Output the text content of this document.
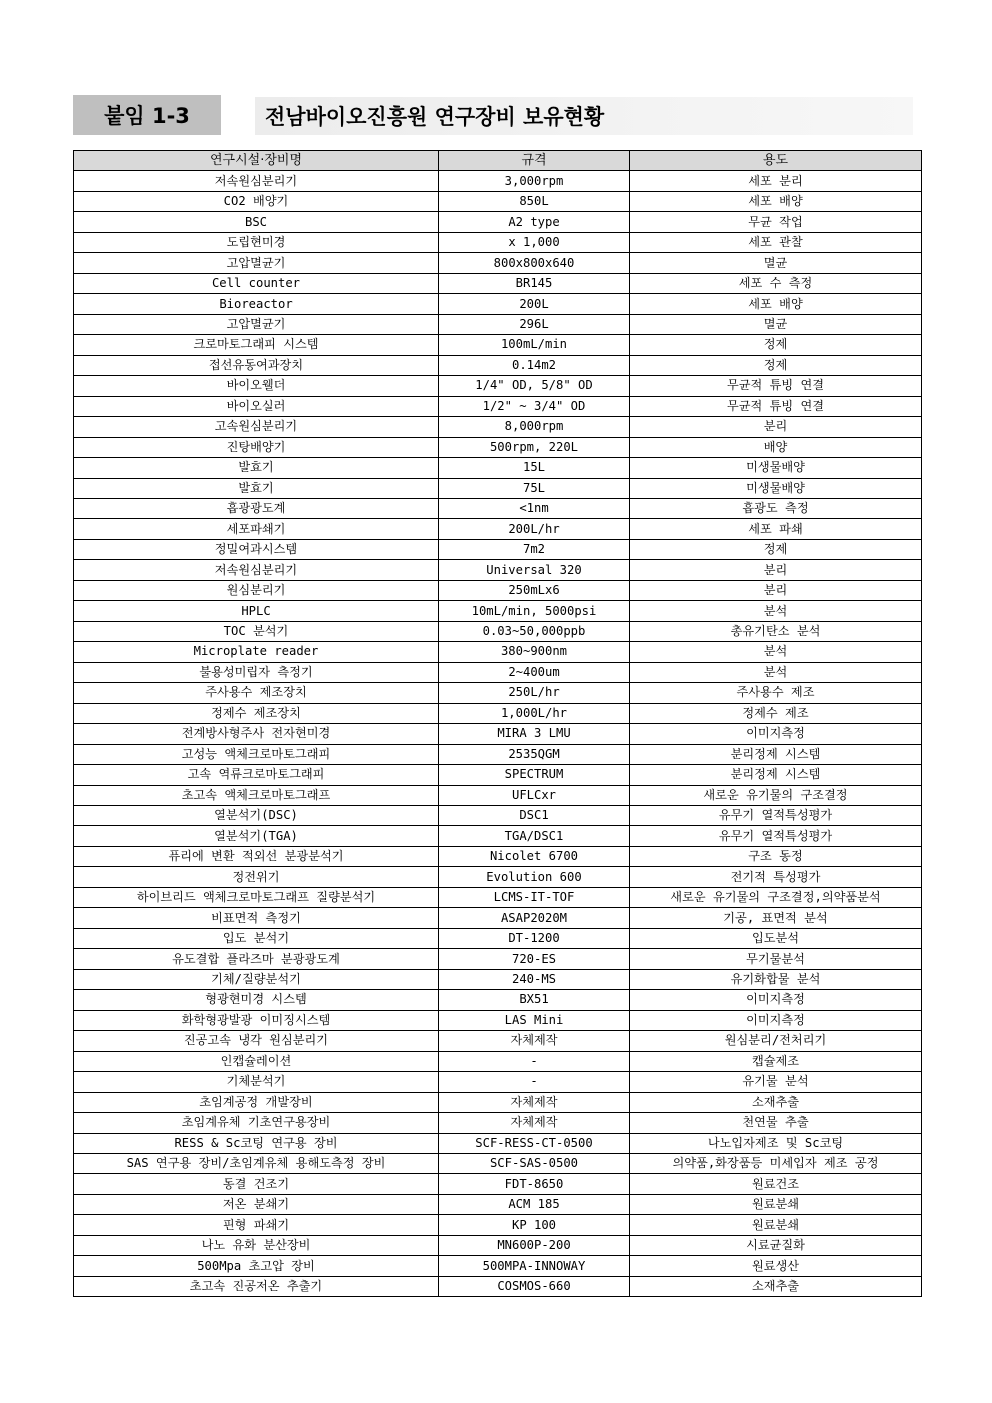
붙임 1-3	전남바이오진흥원 연구장비 보유현황
연구시설·장비명	규격	용도
저속원심분리기	3,000rpm	세포 분리
CO2 배양기	850L	세포 배양
BSC	A2 type	무균 작업
도립현미경	x 1,000	세포 관찰
고압멸균기	800x800x640	멸균
Cell counter	BR145	세포 수 측정
Bioreactor	200L	세포 배양
고압멸균기	296L	멸균
크로마토그래피 시스템	100mL/min	정제
접선유동여과장치	0.14m2	정제
바이오웰더	1/4" OD, 5/8" OD	무균적 튜빙 연결
바이오실러	1/2" ~ 3/4" OD	무균적 튜빙 연결
고속원심분리기	8,000rpm	분리
진탕배양기	500rpm, 220L	배양
발효기	15L	미생물배양
발효기	75L	미생물배양
흡광광도계	<1nm	흡광도 측정
세포파쇄기	200L/hr	세포 파쇄
정밀여과시스템	7m2	정제
저속원심분리기	Universal 320	분리
원심분리기	250mLx6	분리
HPLC	10mL/min, 5000psi	분석
TOC 분석기	0.03~50,000ppb	총유기탄소 분석
Microplate reader	380~900nm	분석
불용성미립자 측정기	2~400um	분석
주사용수 제조장치	250L/hr	주사용수 제조
정제수 제조장치	1,000L/hr	정제수 제조
전계방사형주사 전자현미경	MIRA 3 LMU	이미지측정
고성능 액체크로마토그래피	2535QGM	분리정제 시스템
고속 역류크로마토그래피	SPECTRUM	분리정제 시스템
초고속 액체크로마토그래프	UFLCxr	새로운 유기물의 구조결정
열분석기(DSC)	DSC1	유무기 열적특성평가
열분석기(TGA)	TGA/DSC1	유무기 열적특성평가
퓨리에 변환 적외선 분광분석기	Nicolet 6700	구조 동정
정전위기	Evolution 600	전기적 특성평가
하이브리드 액체크로마토그래프 질량분석기	LCMS-IT-TOF	새로운 유기물의 구조결정,의약품분석
비표면적 측정기	ASAP2020M	기공, 표면적 분석
입도 분석기	DT-1200	입도분석
유도결합 플라즈마 분광광도계	720-ES	무기물분석
기체/질량분석기	240-MS	유기화합물 분석
형광현미경 시스템	BX51	이미지측정
화학형광발광 이미징시스템	LAS Mini	이미지측정
진공고속 냉각 원심분리기	자체제작	원심분리/전처리기
인캡슐레이션	-	캡슐제조
기체분석기	-	유기물 분석
초임계공정 개발장비	자체제작	소재추출
초임계유체 기초연구용장비	자체제작	천연물 추출
RESS & Sc코팅 연구용 장비	SCF-RESS-CT-0500	나노입자제조 및 Sc코팅
SAS 연구용 장비/초임계유체 용해도측정 장비	SCF-SAS-0500	의약품,화장품등 미세입자 제조 공정
동결 건조기	FDT-8650	원료건조
저온 분쇄기	ACM 185	원료분쇄
핀형 파쇄기	KP 100	원료분쇄
나노 유화 분산장비	MN600P-200	시료균질화
500Mpa 초고압 장비	500MPA-INNOWAY	원료생산
초고속 진공저온 추출기	COSMOS-660	소재추출
